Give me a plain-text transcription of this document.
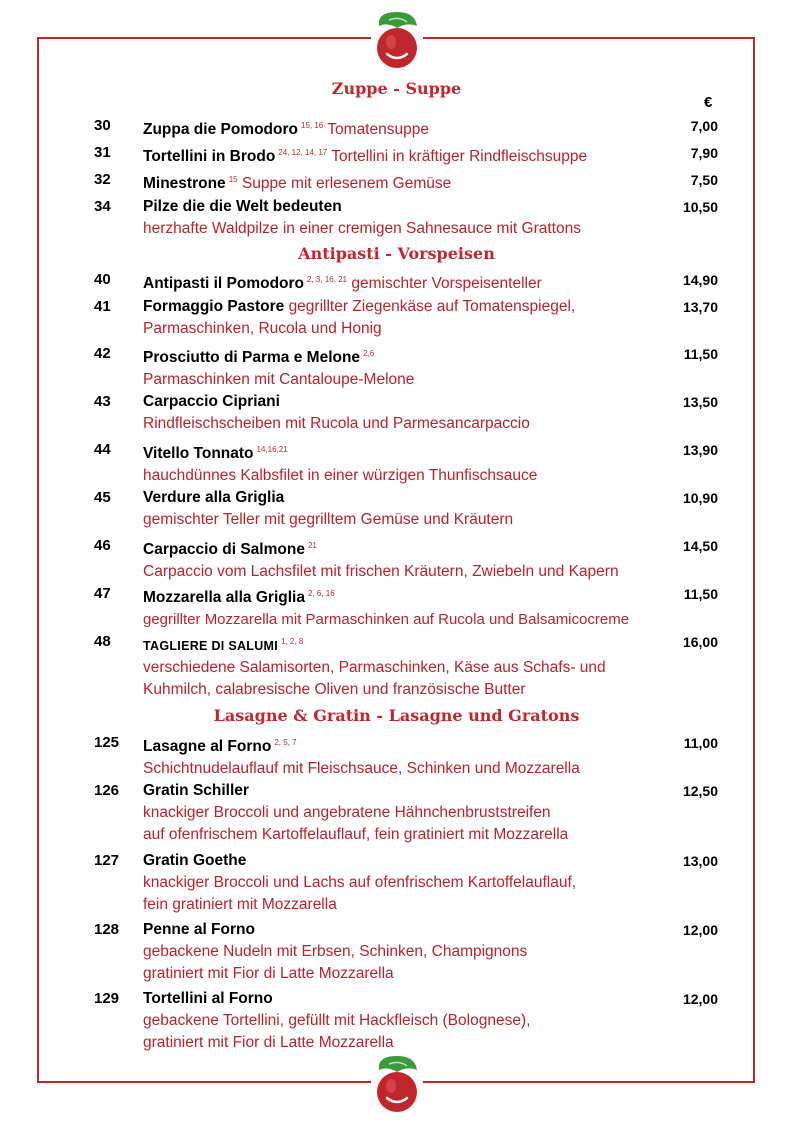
€
Zuppe - Suppe
30 Zuppa die Pomodoro $^{15, 16}$ Tomatensuppe	7,00
31 Tortellini in Brodo $^{24, 12, 14, 17}$ Tortellini in kräftiger Rindfleischsuppe	7,90
32 Minestrone $^{15}$ Suppe mit erlesenem Gemüse	7,50
34 Pilze die die Welt bedeuten
herzhafte Waldpilze in einer cremigen Sahnesauce mit Grattons
10,50
Antipasti - Vorspeisen
40 Antipasti il Pomodoro $^{2, 3, 16, 21}$ gemischter Vorspeisenteller	14,90
41 Formaggio Pastore gegrillter Ziegenkäse auf Tomatenspiegel,
Parmaschinken, Rucola und Honig
13,70
42 Prosciutto di Parma e Melone $^{2,6}$
Parmaschinken mit Cantaloupe-Melone
11,50
43 Carpaccio Cipriani
Rindfleischscheiben mit Rucola und Parmesancarpaccio
13,50
44 Vitello Tonnato $^{14,16,21}$
hauchdünnes Kalbsfilet in einer würzigen Thunfischsauce
13,90
45 Verdure alla Griglia
gemischter Teller mit gegrilltem Gemüse und Kräutern
10,90
46 Carpaccio di Salmone $^{21}$
Carpaccio vom Lachsfilet mit frischen Kräutern, Zwiebeln und Kapern
14,50
47 Mozzarella alla Griglia $^{2, 6, 16}$
gegrillter Mozzarella mit Parmaschinken auf Rucola und Balsamicocreme
11,50
48	TAGLIERE DI SALUMI $^{1, 2, 8}$
verschiedene Salamisorten, Parmaschinken, Käse aus Schafs- und
Kuhmilch, calabresische Oliven und französische Butter
16,00
Lasagne & Gratin - Lasagne und Gratons
125 Lasagne al Forno $^{2, 5, 7}$
Schichtnudelauflauf mit Fleischsauce, Schinken und Mozzarella
11,00
126 Gratin Schiller
knackiger Broccoli und angebratene Hähnchenbruststreifen
auf ofenfrischem Kartoffelauflauf, fein gratiniert mit Mozzarella
12,50
127 Gratin Goethe
knackiger Broccoli und Lachs auf ofenfrischem Kartoffelauflauf,
fein gratiniert mit Mozzarella
13,00
128 Penne al Forno
gebackene Nudeln mit Erbsen, Schinken, Champignons
gratiniert mit Fior di Latte Mozzarella
12,00
129 Tortellini al Forno
gebackene Tortellini, gefüllt mit Hackfleisch (Bolognese),
gratiniert mit Fior di Latte Mozzarella
12,00
